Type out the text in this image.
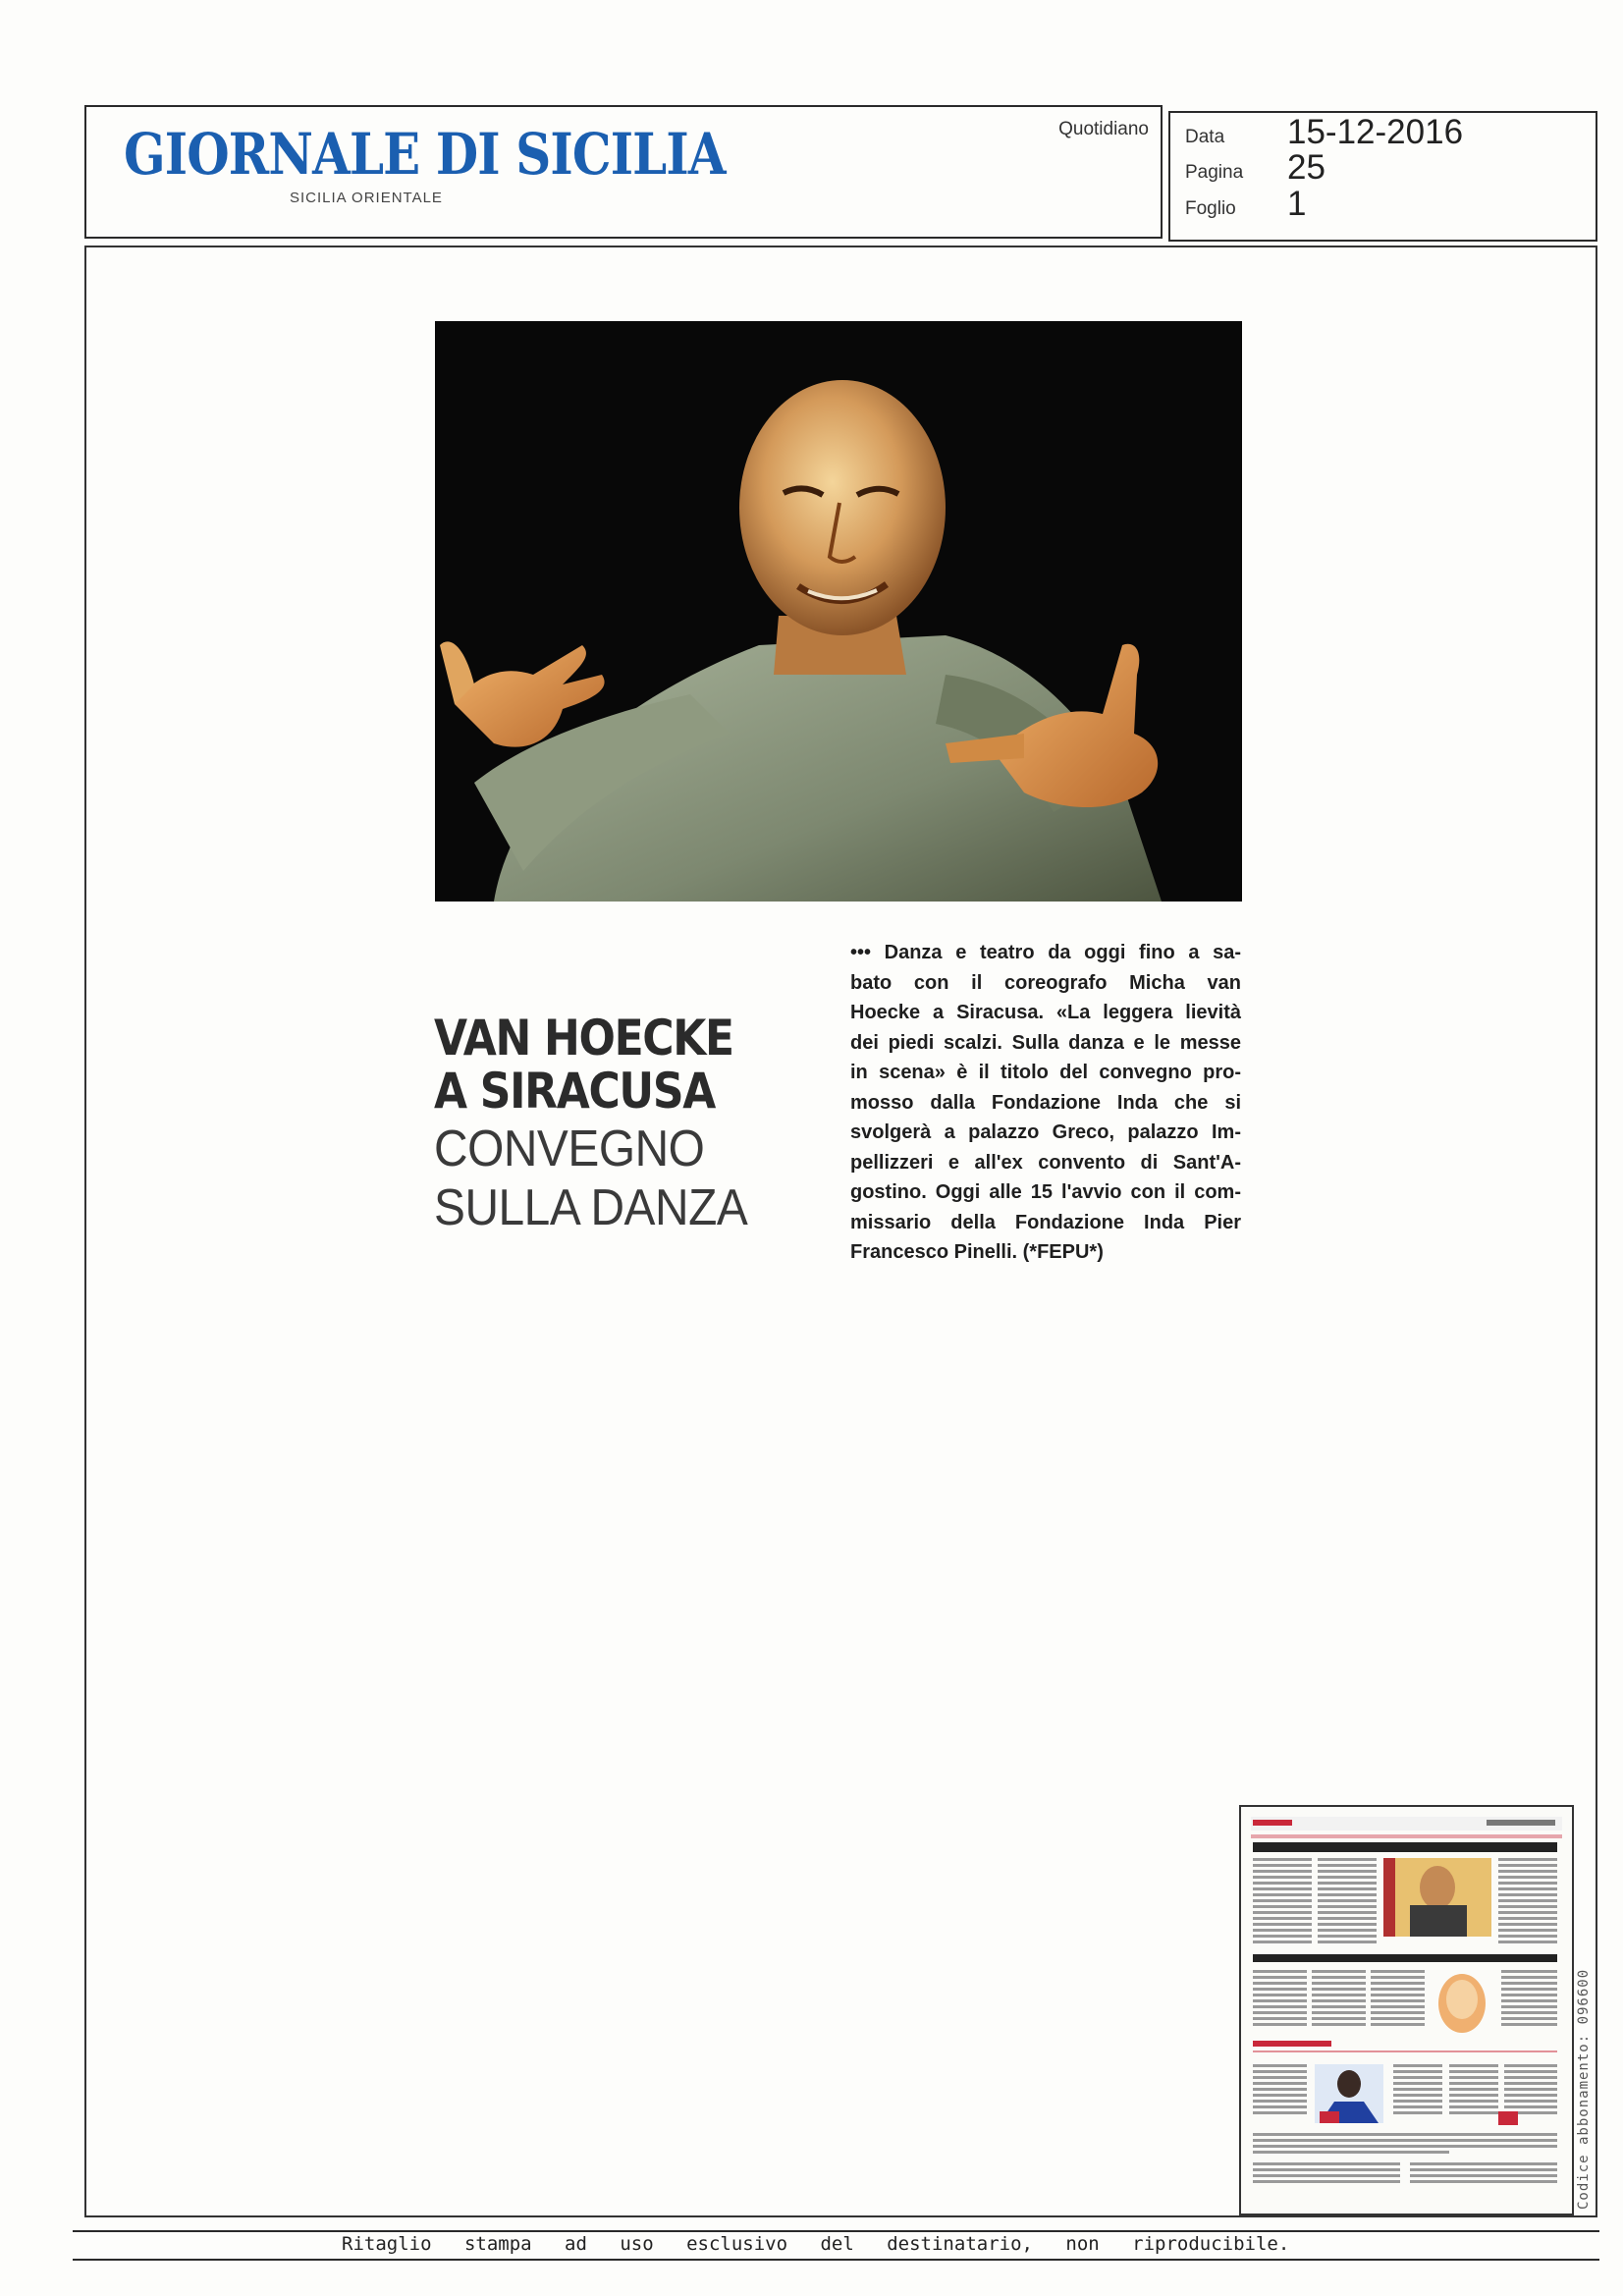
GIORNALE DI SICILIA
SICILIA ORIENTALE
Quotidiano Data 15-12-2016
Pagina 25
Foglio 1
VAN HOECKE
A SIRACUSA
CONVEGNO
SULLA DANZA
••• Danza e teatro da oggi fino a sa-
bato con il coreografo Micha van
Hoecke a Siracusa. «La leggera lievità
dei piedi scalzi. Sulla danza e le messe
in scena» è il titolo del convegno pro-
mosso dalla Fondazione Inda che si
svolgerà a palazzo Greco, palazzo Im-
pellizzeri e all'ex convento di Sant'A-
gostino. Oggi alle 15 l'avvio con il com-
missario della Fondazione Inda Pier
Francesco Pinelli. (*FEPU*)
Ritaglio stampa ad uso esclusivo del destinatario, non riproducibile.
Codice abbonamento: 096600
